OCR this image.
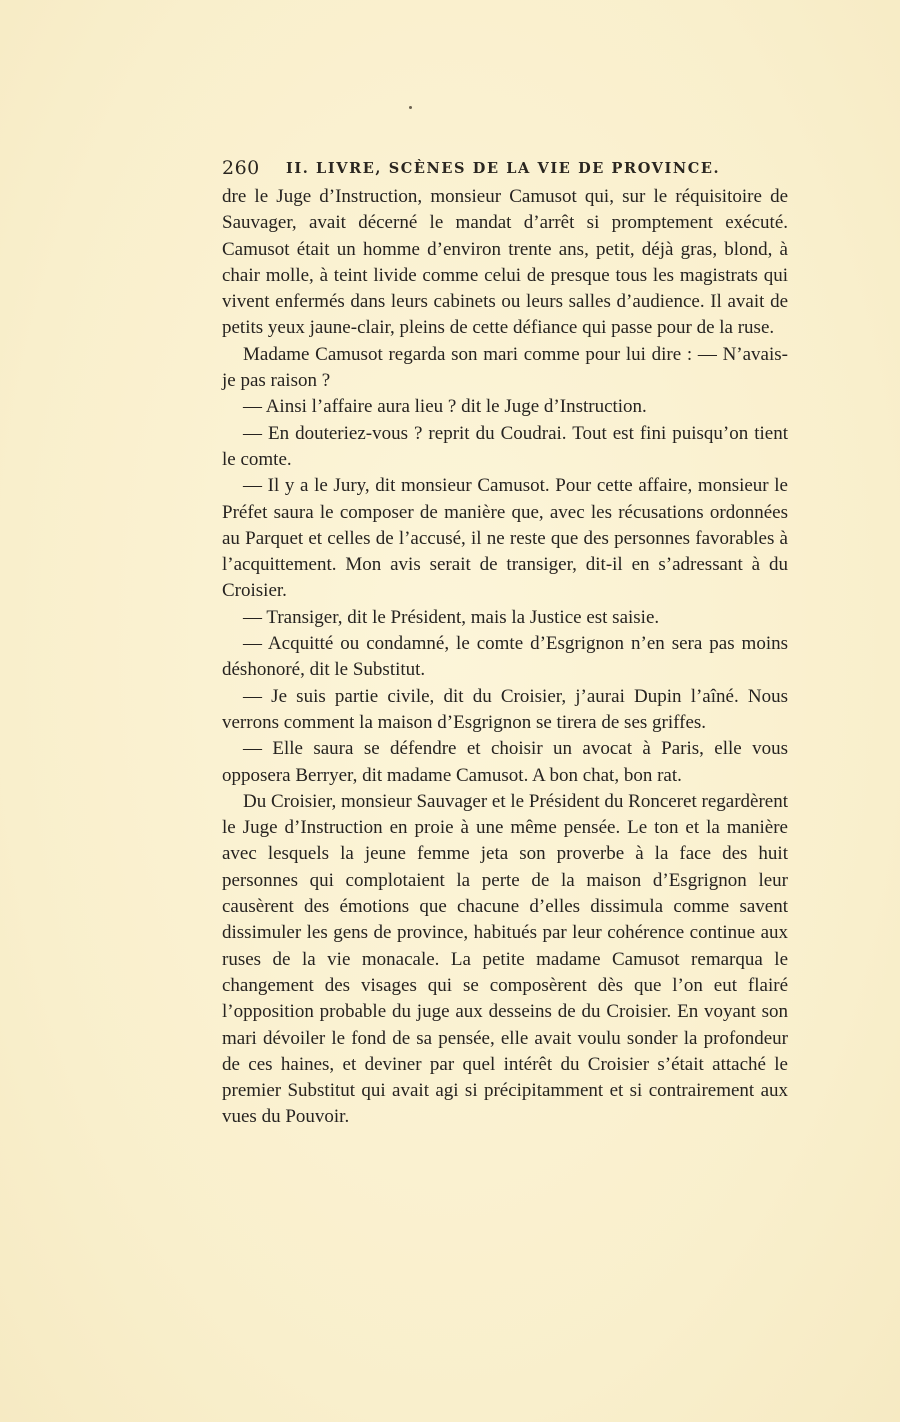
260 II. LIVRE, SCÈNES DE LA VIE DE PROVINCE.

dre le Juge d’Instruction, monsieur Camusot qui, sur le réquisitoire de Sauvager, avait décerné le mandat d’arrêt si promptement exécuté. Camusot était un homme d’environ trente ans, petit, déjà gras, blond, à chair molle, à teint livide comme celui de presque tous les magistrats qui vivent enfermés dans leurs cabinets ou leurs salles d’audience. Il avait de petits yeux jaune-clair, pleins de cette défiance qui passe pour de la ruse.

Madame Camusot regarda son mari comme pour lui dire : — N’avais-je pas raison ?

— Ainsi l’affaire aura lieu ? dit le Juge d’Instruction.

— En douteriez-vous ? reprit du Coudrai. Tout est fini puisqu’on tient le comte.

— Il y a le Jury, dit monsieur Camusot. Pour cette affaire, monsieur le Préfet saura le composer de manière que, avec les récusations ordonnées au Parquet et celles de l’accusé, il ne reste que des personnes favorables à l’acquittement. Mon avis serait de transiger, dit-il en s’adressant à du Croisier.

— Transiger, dit le Président, mais la Justice est saisie.

— Acquitté ou condamné, le comte d’Esgrignon n’en sera pas moins déshonoré, dit le Substitut.

— Je suis partie civile, dit du Croisier, j’aurai Dupin l’aîné. Nous verrons comment la maison d’Esgrignon se tirera de ses griffes.

— Elle saura se défendre et choisir un avocat à Paris, elle vous opposera Berryer, dit madame Camusot. A bon chat, bon rat.

Du Croisier, monsieur Sauvager et le Président du Ronceret regardèrent le Juge d’Instruction en proie à une même pensée. Le ton et la manière avec lesquels la jeune femme jeta son proverbe à la face des huit personnes qui complotaient la perte de la maison d’Esgrignon leur causèrent des émotions que chacune d’elles dissimula comme savent dissimuler les gens de province, habitués par leur cohérence continue aux ruses de la vie monacale. La petite madame Camusot remarqua le changement des visages qui se composèrent dès que l’on eut flairé l’opposition probable du juge aux desseins de du Croisier. En voyant son mari dévoiler le fond de sa pensée, elle avait voulu sonder la profondeur de ces haines, et deviner par quel intérêt du Croisier s’était attaché le premier Substitut qui avait agi si précipitamment et si contrairement aux vues du Pouvoir.
